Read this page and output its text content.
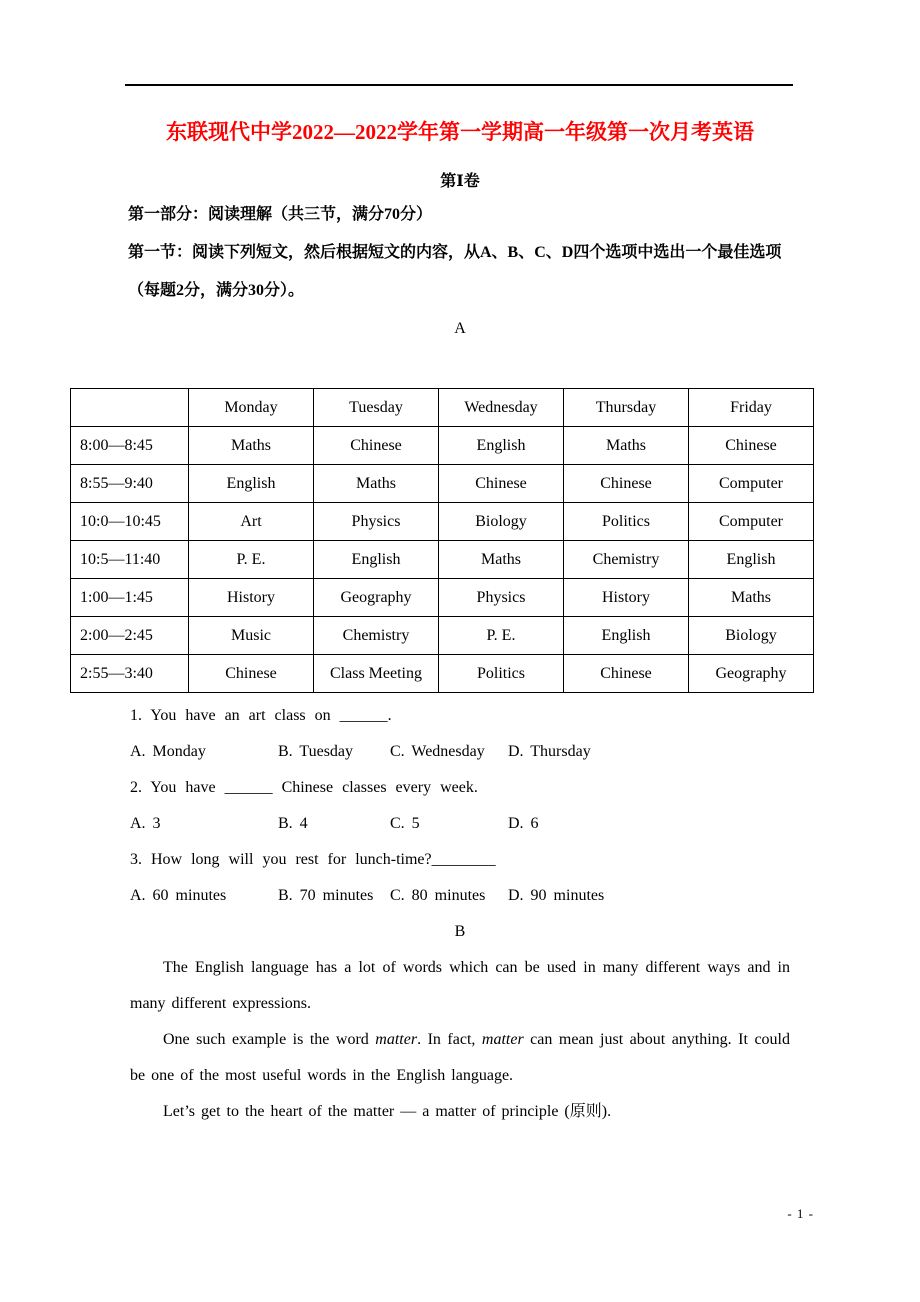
东联现代中学2022—2022学年第一学期高一年级第一次月考英语
第Ⅰ卷
第一部分：阅读理解（共三节，满分70分）
第一节：阅读下列短文，然后根据短文的内容，从A、B、C、D四个选项中选出一个最佳选项
（每题2分，满分30分）。
A
	Monday	Tuesday	Wednesday	Thursday	Friday
8:00—8:45	Maths	Chinese	English	Maths	Chinese
8:55—9:40	English	Maths	Chinese	Chinese	Computer
10:0—10:45	Art	Physics	Biology	Politics	Computer
10:5—11:40	P. E.	English	Maths	Chemistry	English
1:00—1:45	History	Geography	Physics	History	Maths
2:00—2:45	Music	Chemistry	P. E.	English	Biology
2:55—3:40	Chinese	Class Meeting	Politics	Chinese	Geography
1. You have an art class on ______.
A. Monday	B. Tuesday	C. Wednesday	D. Thursday
2. You have ______ Chinese classes every week.
A. 3	B. 4	C. 5	D. 6
3. How long will you rest for lunch-time?________
A. 60 minutes	B. 70 minutes	C. 80 minutes	D. 90 minutes
B

The English language has a lot of words which can be used in many different ways and in many different expressions.

One such example is the word matter. In fact, matter can mean just about anything. It could be one of the most useful words in the English language.

Let’s get to the heart of the matter — a matter of principle (原则).

- 1 -
